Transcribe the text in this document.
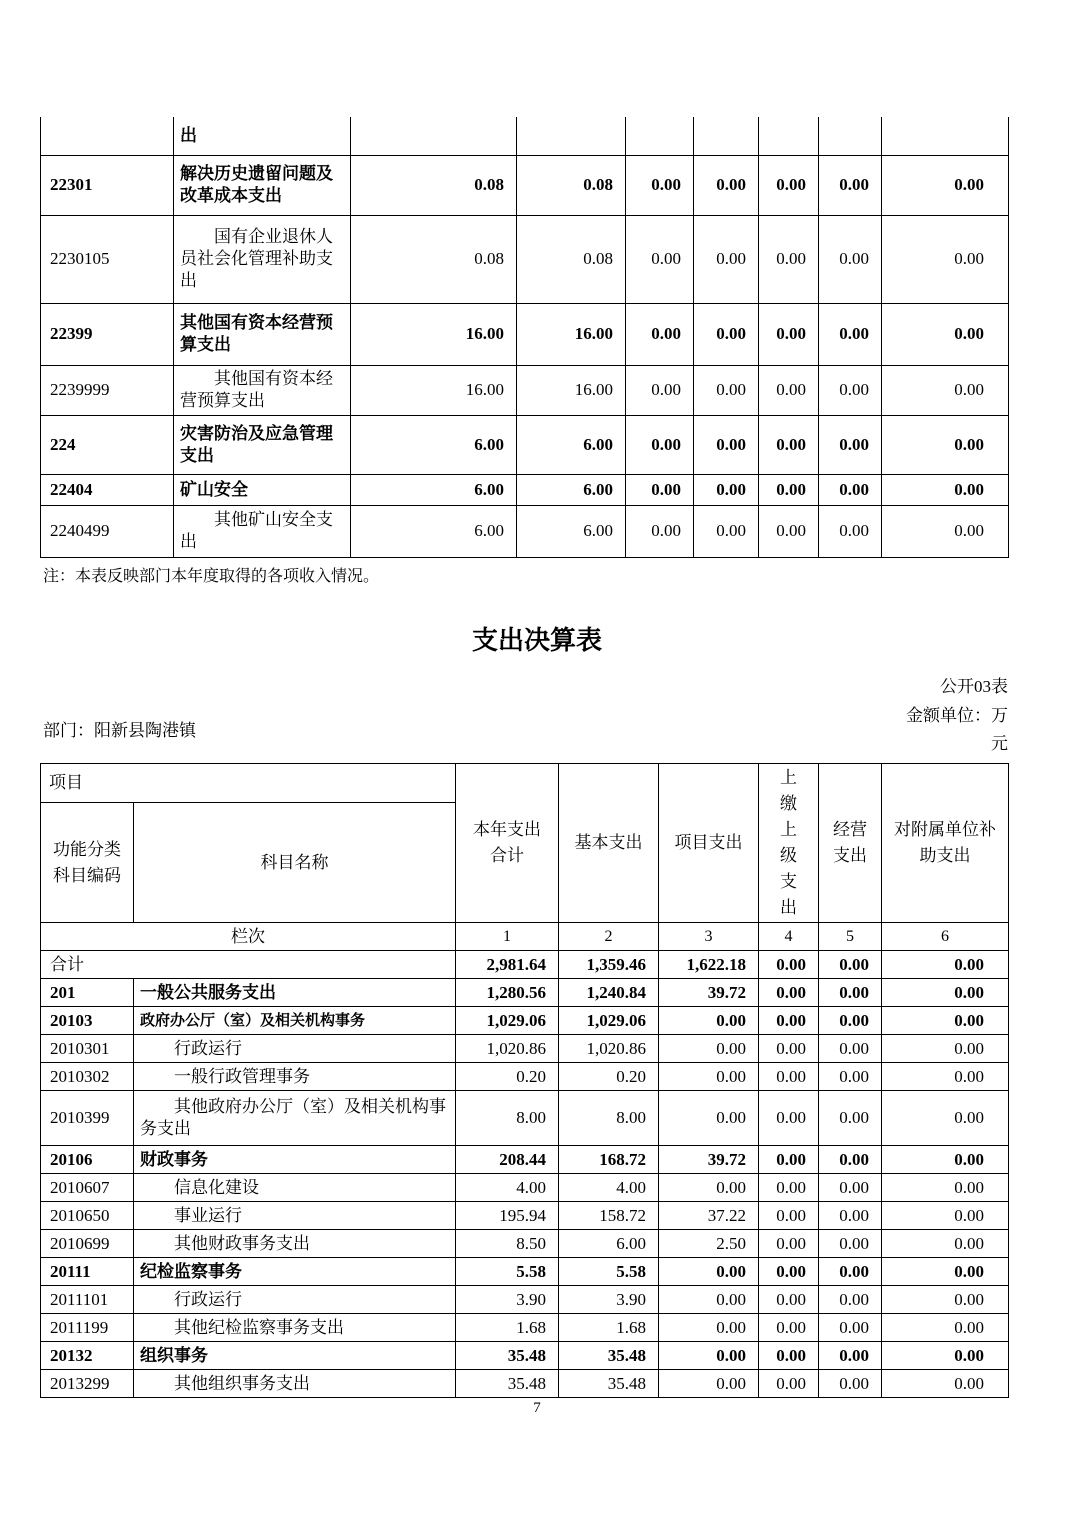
	出							
22301	解决历史遗留问题及改革成本支出	0.08	0.08	0.00	0.00	0.00	0.00	0.00
2230105	国有企业退休人员社会化管理补助支出	0.08	0.08	0.00	0.00	0.00	0.00	0.00
22399	其他国有资本经营预算支出	16.00	16.00	0.00	0.00	0.00	0.00	0.00
2239999	其他国有资本经营预算支出	16.00	16.00	0.00	0.00	0.00	0.00	0.00
224	灾害防治及应急管理支出	6.00	6.00	0.00	0.00	0.00	0.00	0.00
22404	矿山安全	6.00	6.00	0.00	0.00	0.00	0.00	0.00
2240499	其他矿山安全支出	6.00	6.00	0.00	0.00	0.00	0.00	0.00
注：本表反映部门本年度取得的各项收入情况。
支出决算表
公开03表
金额单位：万
元
部门：阳新县陶港镇
项目		本年支出合计	基本支出	项目支出	上缴上级支出	经营支出	对附属单位补助支出
功能分类科目编码	科目名称						
栏次		1	2	3	4	5	6
合计		2,981.64	1,359.46	1,622.18	0.00	0.00	0.00
201	一般公共服务支出	1,280.56	1,240.84	39.72	0.00	0.00	0.00
20103	政府办公厅（室）及相关机构事务	1,029.06	1,029.06	0.00	0.00	0.00	0.00
2010301	行政运行	1,020.86	1,020.86	0.00	0.00	0.00	0.00
2010302	一般行政管理事务	0.20	0.20	0.00	0.00	0.00	0.00
2010399	其他政府办公厅（室）及相关机构事务支出	8.00	8.00	0.00	0.00	0.00	0.00
20106	财政事务	208.44	168.72	39.72	0.00	0.00	0.00
2010607	信息化建设	4.00	4.00	0.00	0.00	0.00	0.00
2010650	事业运行	195.94	158.72	37.22	0.00	0.00	0.00
2010699	其他财政事务支出	8.50	6.00	2.50	0.00	0.00	0.00
20111	纪检监察事务	5.58	5.58	0.00	0.00	0.00	0.00
2011101	行政运行	3.90	3.90	0.00	0.00	0.00	0.00
2011199	其他纪检监察事务支出	1.68	1.68	0.00	0.00	0.00	0.00
20132	组织事务	35.48	35.48	0.00	0.00	0.00	0.00
2013299	其他组织事务支出	35.48	35.48	0.00	0.00	0.00	0.00
7
